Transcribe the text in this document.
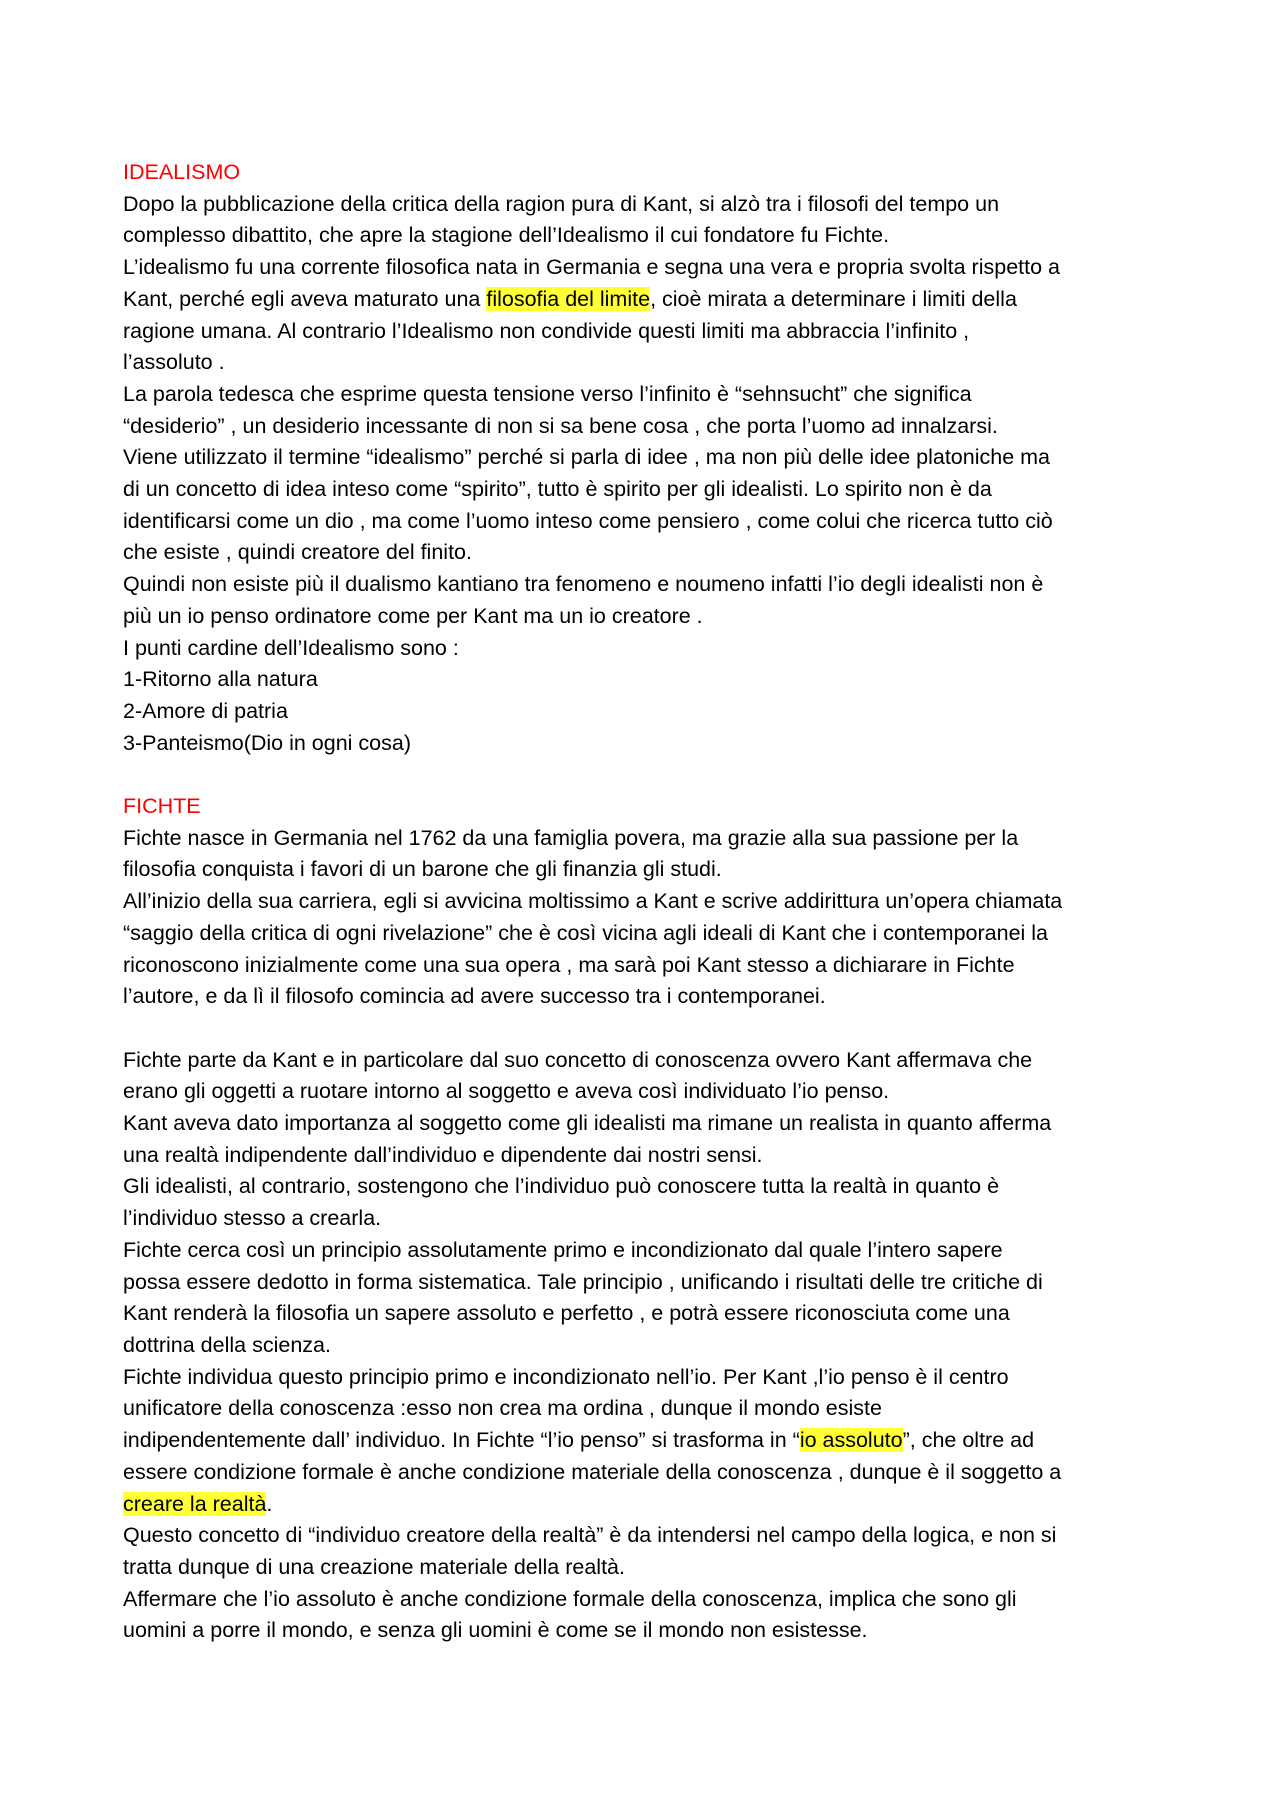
IDEALISMO
Dopo la pubblicazione della critica della ragion pura di Kant, si alzò tra i filosofi del tempo un
complesso dibattito, che apre la stagione dell’Idealismo il cui fondatore fu Fichte.
L’idealismo fu una corrente filosofica nata in Germania e segna una vera e propria svolta rispetto a
Kant, perché egli aveva maturato una filosofia del limite, cioè mirata a determinare i limiti della
ragione umana. Al contrario l’Idealismo non condivide questi limiti ma abbraccia l’infinito ,
l’assoluto .
La parola tedesca che esprime questa tensione verso l’infinito è “sehnsucht” che significa
“desiderio” , un desiderio incessante di non si sa bene cosa , che porta l’uomo ad innalzarsi.
Viene utilizzato il termine “idealismo” perché si parla di idee , ma non più delle idee platoniche ma
di un concetto di idea inteso come “spirito”, tutto è spirito per gli idealisti. Lo spirito non è da
identificarsi come un dio , ma come l’uomo inteso come pensiero , come colui che ricerca tutto ciò
che esiste , quindi creatore del finito.
Quindi non esiste più il dualismo kantiano tra fenomeno e noumeno infatti l’io degli idealisti non è
più un io penso ordinatore come per Kant ma un io creatore .
I punti cardine dell’Idealismo sono :
1-Ritorno alla natura
2-Amore di patria
3-Panteismo(Dio in ogni cosa)
FICHTE
Fichte nasce in Germania nel 1762 da una famiglia povera, ma grazie alla sua passione per la
filosofia conquista i favori di un barone che gli finanzia gli studi.
All’inizio della sua carriera, egli si avvicina moltissimo a Kant e scrive addirittura un’opera chiamata
“saggio della critica di ogni rivelazione” che è così vicina agli ideali di Kant che i contemporanei la
riconoscono inizialmente come una sua opera , ma sarà poi Kant stesso a dichiarare in Fichte
l’autore, e da lì il filosofo comincia ad avere successo tra i contemporanei.
Fichte parte da Kant e in particolare dal suo concetto di conoscenza ovvero Kant affermava che
erano gli oggetti a ruotare intorno al soggetto e aveva così individuato l’io penso.
Kant aveva dato importanza al soggetto come gli idealisti ma rimane un realista in quanto afferma
una realtà indipendente dall’individuo e dipendente dai nostri sensi.
Gli idealisti, al contrario, sostengono che l’individuo può conoscere tutta la realtà in quanto è
l’individuo stesso a crearla.
Fichte cerca così un principio assolutamente primo e incondizionato dal quale l’intero sapere
possa essere dedotto in forma sistematica. Tale principio , unificando i risultati delle tre critiche di
Kant renderà la filosofia un sapere assoluto e perfetto , e potrà essere riconosciuta come una
dottrina della scienza.
Fichte individua questo principio primo e incondizionato nell’io. Per Kant ,l’io penso è il centro
unificatore della conoscenza :esso non crea ma ordina , dunque il mondo esiste
indipendentemente dall’ individuo. In Fichte “l’io penso” si trasforma in “io assoluto”, che oltre ad
essere condizione formale è anche condizione materiale della conoscenza , dunque è il soggetto a
creare la realtà.
Questo concetto di “individuo creatore della realtà” è da intendersi nel campo della logica, e non si
tratta dunque di una creazione materiale della realtà.
Affermare che l’io assoluto è anche condizione formale della conoscenza, implica che sono gli
uomini a porre il mondo, e senza gli uomini è come se il mondo non esistesse.
